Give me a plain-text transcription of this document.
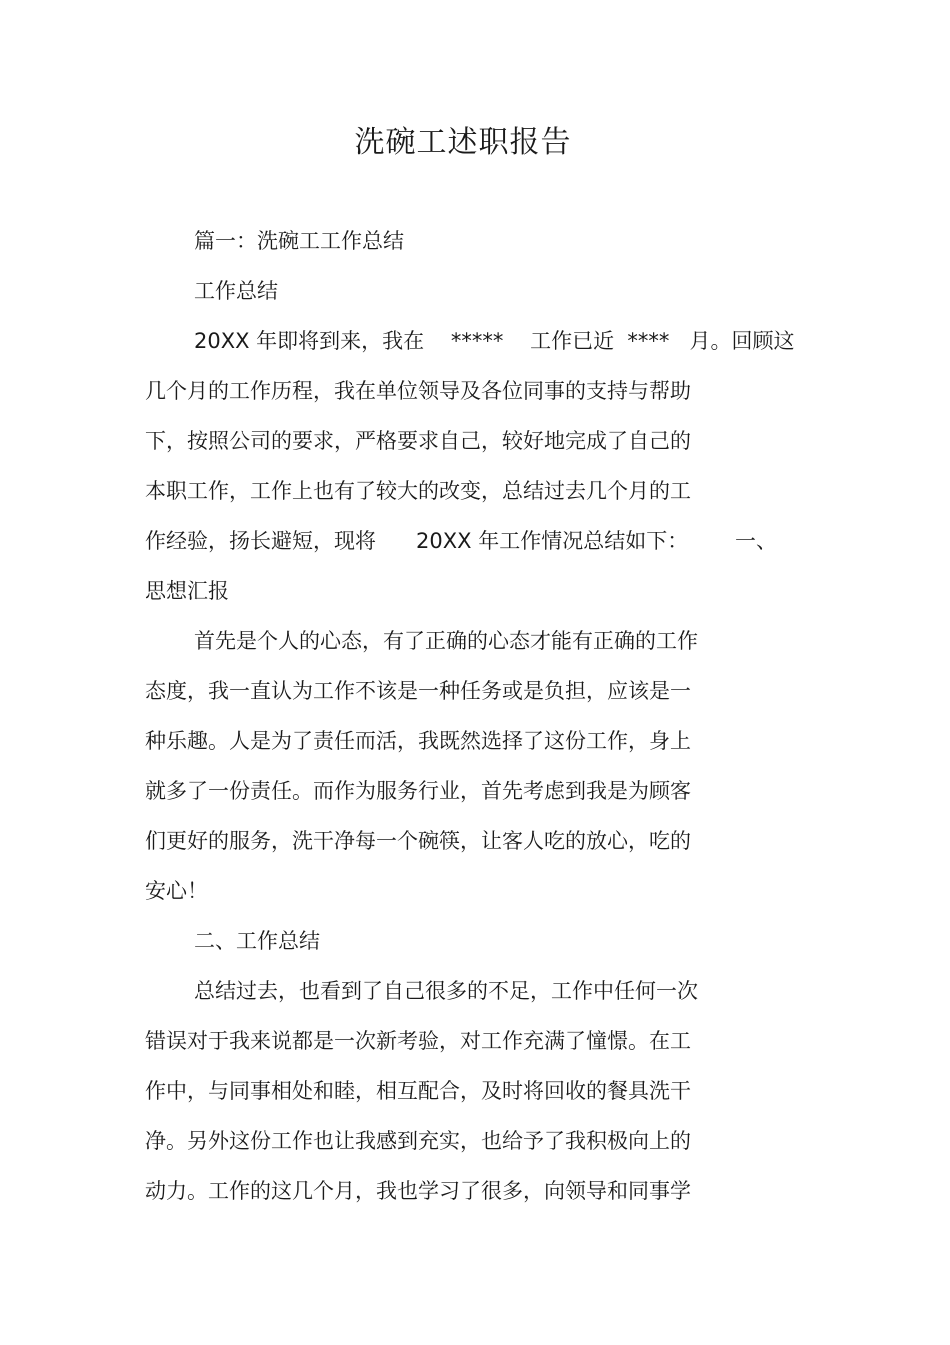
洗碗工述职报告
篇一：洗碗工工作总结
工作总结
20XX 年即将到来，我在    *****    工作已近  ****   月。回顾这
几个月的工作历程，我在单位领导及各位同事的支持与帮助
下，按照公司的要求，严格要求自己，较好地完成了自己的
本职工作，工作上也有了较大的改变，总结过去几个月的工
作经验，扬长避短，现将      20XX 年工作情况总结如下：       一、
思想汇报
首先是个人的心态，有了正确的心态才能有正确的工作
态度，我一直认为工作不该是一种任务或是负担，应该是一
种乐趣。人是为了责任而活，我既然选择了这份工作，身上
就多了一份责任。而作为服务行业，首先考虑到我是为顾客
们更好的服务，洗干净每一个碗筷，让客人吃的放心，吃的
安心！
二、工作总结
总结过去，也看到了自己很多的不足，工作中任何一次
错误对于我来说都是一次新考验，对工作充满了憧憬。在工
作中，与同事相处和睦，相互配合，及时将回收的餐具洗干
净。另外这份工作也让我感到充实，也给予了我积极向上的
动力。工作的这几个月，我也学习了很多，向领导和同事学
